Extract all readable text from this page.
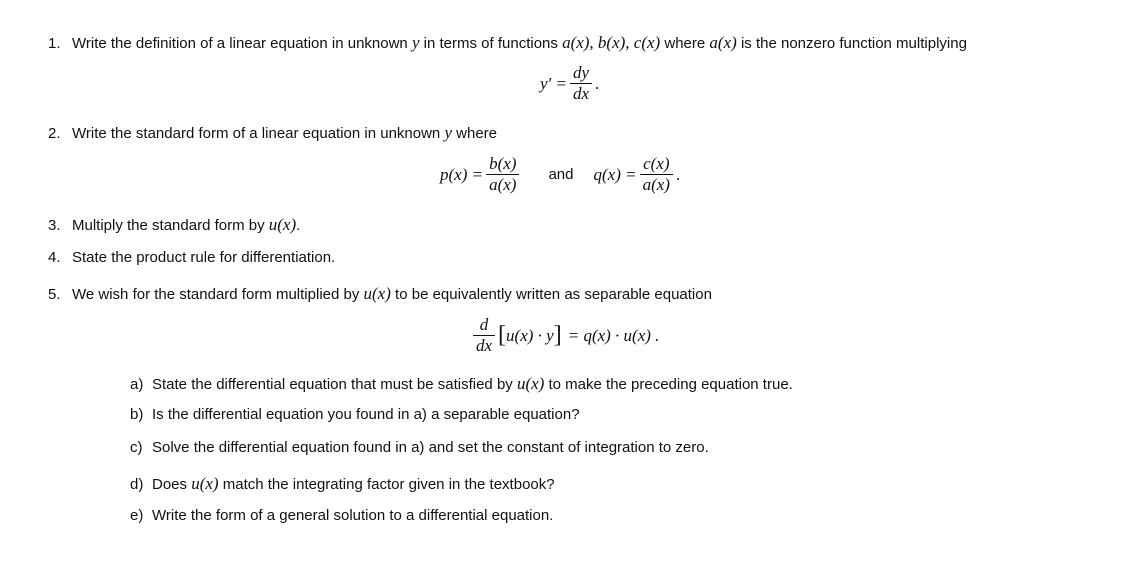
1. Write the definition of a linear equation in unknown y in terms of functions a(x), b(x), c(x) where a(x) is the nonzero function multiplying
$y' = \frac{dy}{dx}$ .
2. Write the standard form of a linear equation in unknown y where
$p(x) = \frac{b(x)}{a(x)}$ and $q(x) = \frac{c(x)}{a(x)}$ .
3. Multiply the standard form by u(x).
4. State the product rule for differentiation.
5. We wish for the standard form multiplied by u(x) to be equivalently written as separable equation
$\frac{d}{dx}$ [ u(x) · y ] = q(x) · u(x) .
a) State the differential equation that must be satisfied by u(x) to make the preceding equation true.
b) Is the differential equation you found in a) a separable equation?
c) Solve the differential equation found in a) and set the constant of integration to zero.
d) Does u(x) match the integrating factor given in the textbook?
e) Write the form of a general solution to a differential equation.
